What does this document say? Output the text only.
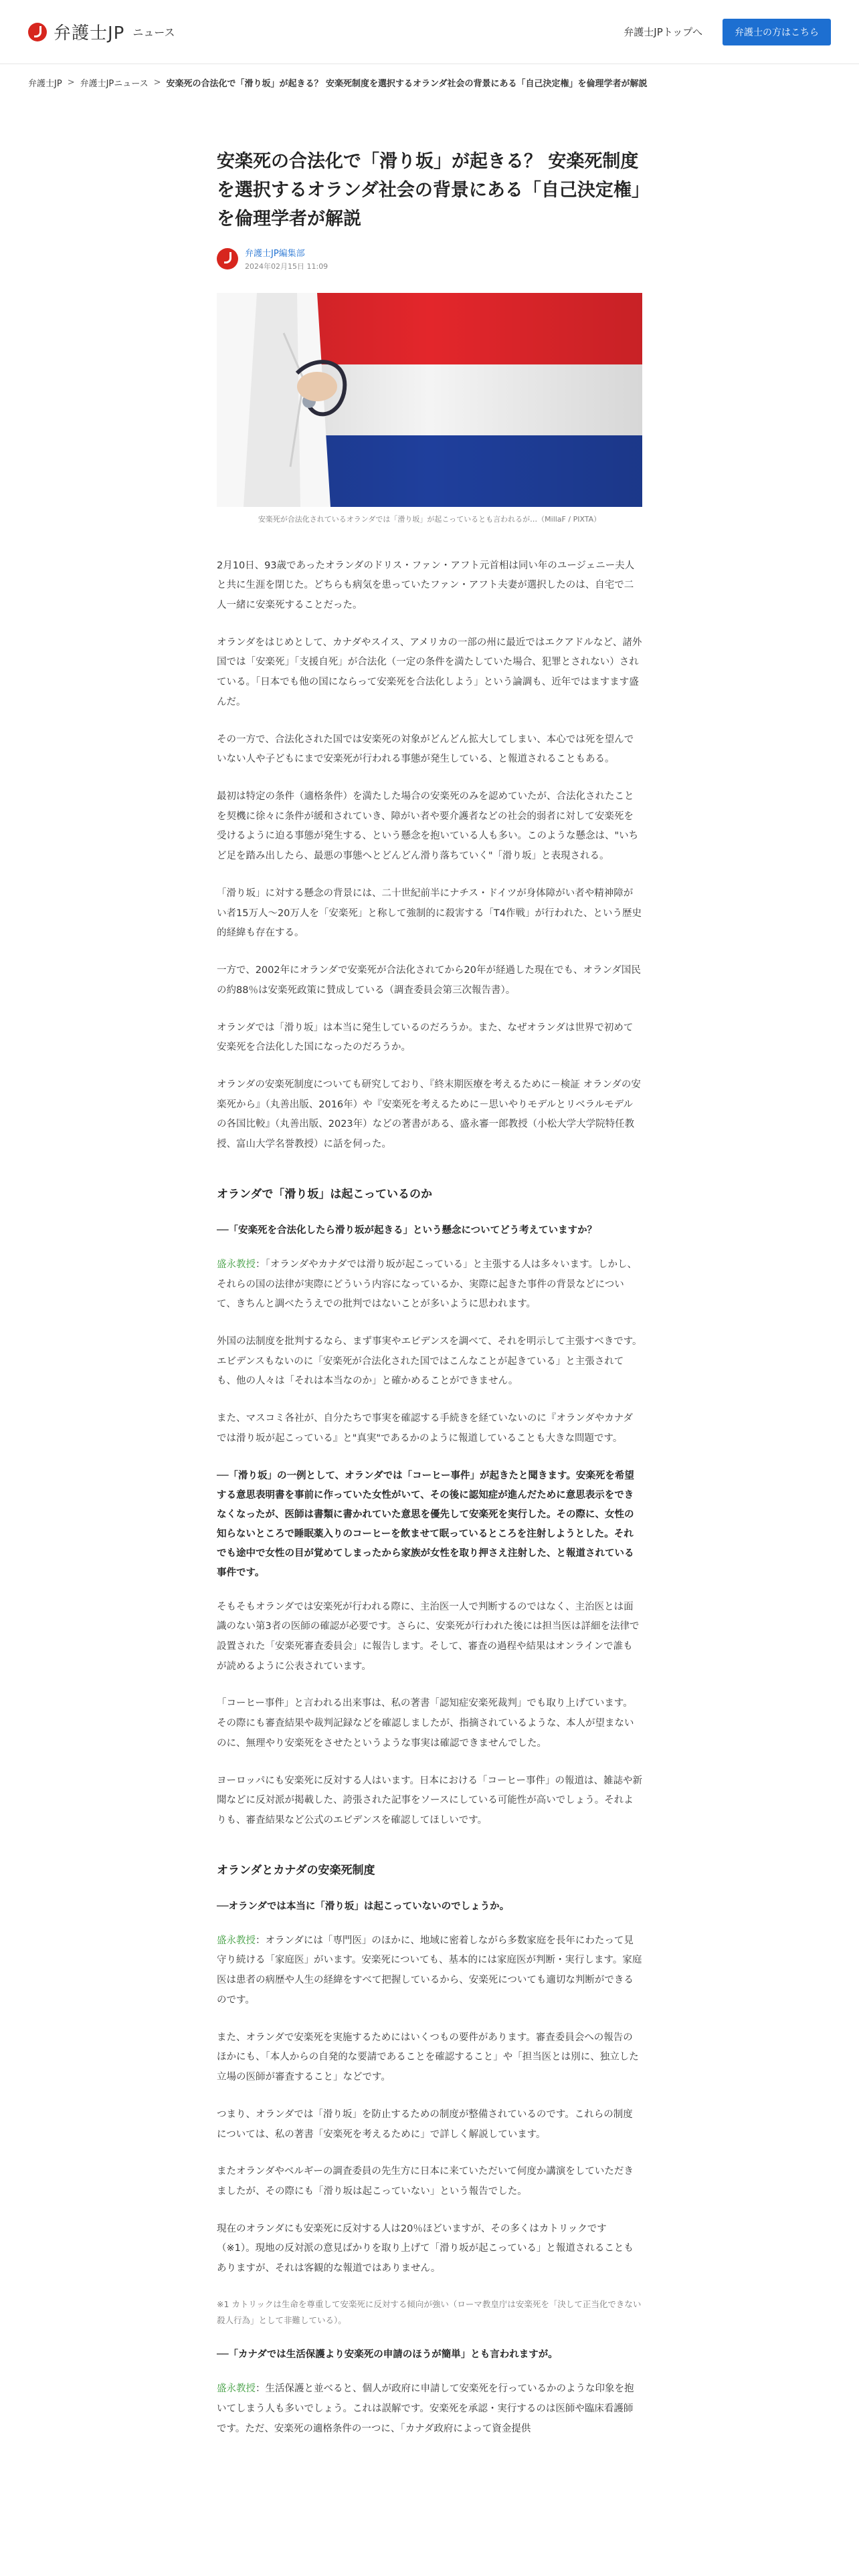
弁護士JP ニュース	弁護士JPトップへ	弁護士の方はこちら
弁護士JP > 弁護士JPニュース > 安楽死の合法化で「滑り坂」が起きる？ 安楽死制度を選択するオランダ社会の背景にある「自己決定権」を倫理学者が解説
安楽死の合法化で「滑り坂」が起きる？ 安楽死制度を選択するオランダ社会の背景にある「自己決定権」を倫理学者が解説
弁護士JP編集部
2024年02月15日 11:09

安楽死が合法化されているオランダでは「滑り坂」が起こっているとも言われるが…（MillaF / PIXTA）

2月10日、93歳であったオランダのドリス・ファン・アフト元首相は同い年のユージェニー夫人と共に生涯を閉じた。どちらも病気を患っていたファン・アフト夫妻が選択したのは、自宅で二人一緒に安楽死することだった。

オランダをはじめとして、カナダやスイス、アメリカの一部の州に最近ではエクアドルなど、諸外国では「安楽死」「支援自死」が合法化（一定の条件を満たしていた場合、犯罪とされない）されている。「日本でも他の国にならって安楽死を合法化しよう」という論調も、近年ではますます盛んだ。

その一方で、合法化された国では安楽死の対象がどんどん拡大してしまい、本心では死を望んでいない人や子どもにまで安楽死が行われる事態が発生している、と報道されることもある。

最初は特定の条件（適格条件）を満たした場合の安楽死のみを認めていたが、合法化されたことを契機に徐々に条件が緩和されていき、障がい者や要介護者などの社会的弱者に対して安楽死を受けるように迫る事態が発生する、という懸念を抱いている人も多い。このような懸念は、"いちど足を踏み出したら、最悪の事態へとどんどん滑り落ちていく"「滑り坂」と表現される。

「滑り坂」に対する懸念の背景には、二十世紀前半にナチス・ドイツが身体障がい者や精神障がい者15万人～20万人を「安楽死」と称して強制的に殺害する「T4作戦」が行われた、という歴史的経緯も存在する。

一方で、2002年にオランダで安楽死が合法化されてから20年が経過した現在でも、オランダ国民の約88％は安楽死政策に賛成している（調査委員会第三次報告書）。

オランダでは「滑り坂」は本当に発生しているのだろうか。また、なぜオランダは世界で初めて安楽死を合法化した国になったのだろうか。

オランダの安楽死制度についても研究しており、『終末期医療を考えるために－検証 オランダの安楽死から』（丸善出版、2016年）や『安楽死を考えるために－思いやりモデルとリベラルモデルの各国比較』（丸善出版、2023年）などの著書がある、盛永審一郎教授（小松大学大学院特任教授、富山大学名誉教授）に話を伺った。

オランダで「滑り坂」は起こっているのか

──「安楽死を合法化したら滑り坂が起きる」という懸念についてどう考えていますか？

盛永教授：「オランダやカナダでは滑り坂が起こっている」と主張する人は多々います。しかし、それらの国の法律が実際にどういう内容になっているか、実際に起きた事件の背景などについて、きちんと調べたうえでの批判ではないことが多いように思われます。

外国の法制度を批判するなら、まず事実やエビデンスを調べて、それを明示して主張すべきです。エビデンスもないのに「安楽死が合法化された国ではこんなことが起きている」と主張されても、他の人々は「それは本当なのか」と確かめることができません。

また、マスコミ各社が、自分たちで事実を確認する手続きを経ていないのに『オランダやカナダでは滑り坂が起こっている』と"真実"であるかのように報道していることも大きな問題です。

──「滑り坂」の一例として、オランダでは「コーヒー事件」が起きたと聞きます。安楽死を希望する意思表明書を事前に作っていた女性がいて、その後に認知症が進んだために意思表示をできなくなったが、医師は書類に書かれていた意思を優先して安楽死を実行した。その際に、女性の知らないところで睡眠薬入りのコーヒーを飲ませて眠っているところを注射しようとした。それでも途中で女性の目が覚めてしまったから家族が女性を取り押さえ注射した、と報道されている事件です。

そもそもオランダでは安楽死が行われる際に、主治医一人で判断するのではなく、主治医とは面識のない第3者の医師の確認が必要です。さらに、安楽死が行われた後には担当医は詳細を法律で設置された「安楽死審査委員会」に報告します。そして、審査の過程や結果はオンラインで誰もが読めるように公表されています。

「コーヒー事件」と言われる出来事は、私の著書「認知症安楽死裁判」でも取り上げています。その際にも審査結果や裁判記録などを確認しましたが、指摘されているような、本人が望まないのに、無理やり安楽死をさせたというような事実は確認できませんでした。

ヨーロッパにも安楽死に反対する人はいます。日本における「コーヒー事件」の報道は、雑誌や新聞などに反対派が掲載した、誇張された記事をソースにしている可能性が高いでしょう。それよりも、審査結果など公式のエビデンスを確認してほしいです。

オランダとカナダの安楽死制度

──オランダでは本当に「滑り坂」は起こっていないのでしょうか。

盛永教授：オランダには「専門医」のほかに、地域に密着しながら多数家庭を長年にわたって見守り続ける「家庭医」がいます。安楽死についても、基本的には家庭医が判断・実行します。家庭医は患者の病歴や人生の経緯をすべて把握しているから、安楽死についても適切な判断ができるのです。

また、オランダで安楽死を実施するためにはいくつもの要件があります。審査委員会への報告のほかにも、「本人からの自発的な要請であることを確認すること」や「担当医とは別に、独立した立場の医師が審査すること」などです。

つまり、オランダでは「滑り坂」を防止するための制度が整備されているのです。これらの制度については、私の著書「安楽死を考えるために」で詳しく解説しています。

またオランダやベルギーの調査委員の先生方に日本に来ていただいて何度か講演をしていただきましたが、その際にも「滑り坂は起こっていない」という報告でした。

現在のオランダにも安楽死に反対する人は20％ほどいますが、その多くはカトリックです（※1）。現地の反対派の意見ばかりを取り上げて「滑り坂が起こっている」と報道されることもありますが、それは客観的な報道ではありません。

※1 カトリックは生命を尊重して安楽死に反対する傾向が強い（ローマ教皇庁は安楽死を「決して正当化できない殺人行為」として非難している）。

──「カナダでは生活保護より安楽死の申請のほうが簡単」とも言われますが。

盛永教授：生活保護と並べると、個人が政府に申請して安楽死を行っているかのような印象を抱いてしまう人も多いでしょう。これは誤解です。安楽死を承認・実行するのは医師や臨床看護師です。ただ、安楽死の適格条件の一つに、「カナダ政府によって資金提供
